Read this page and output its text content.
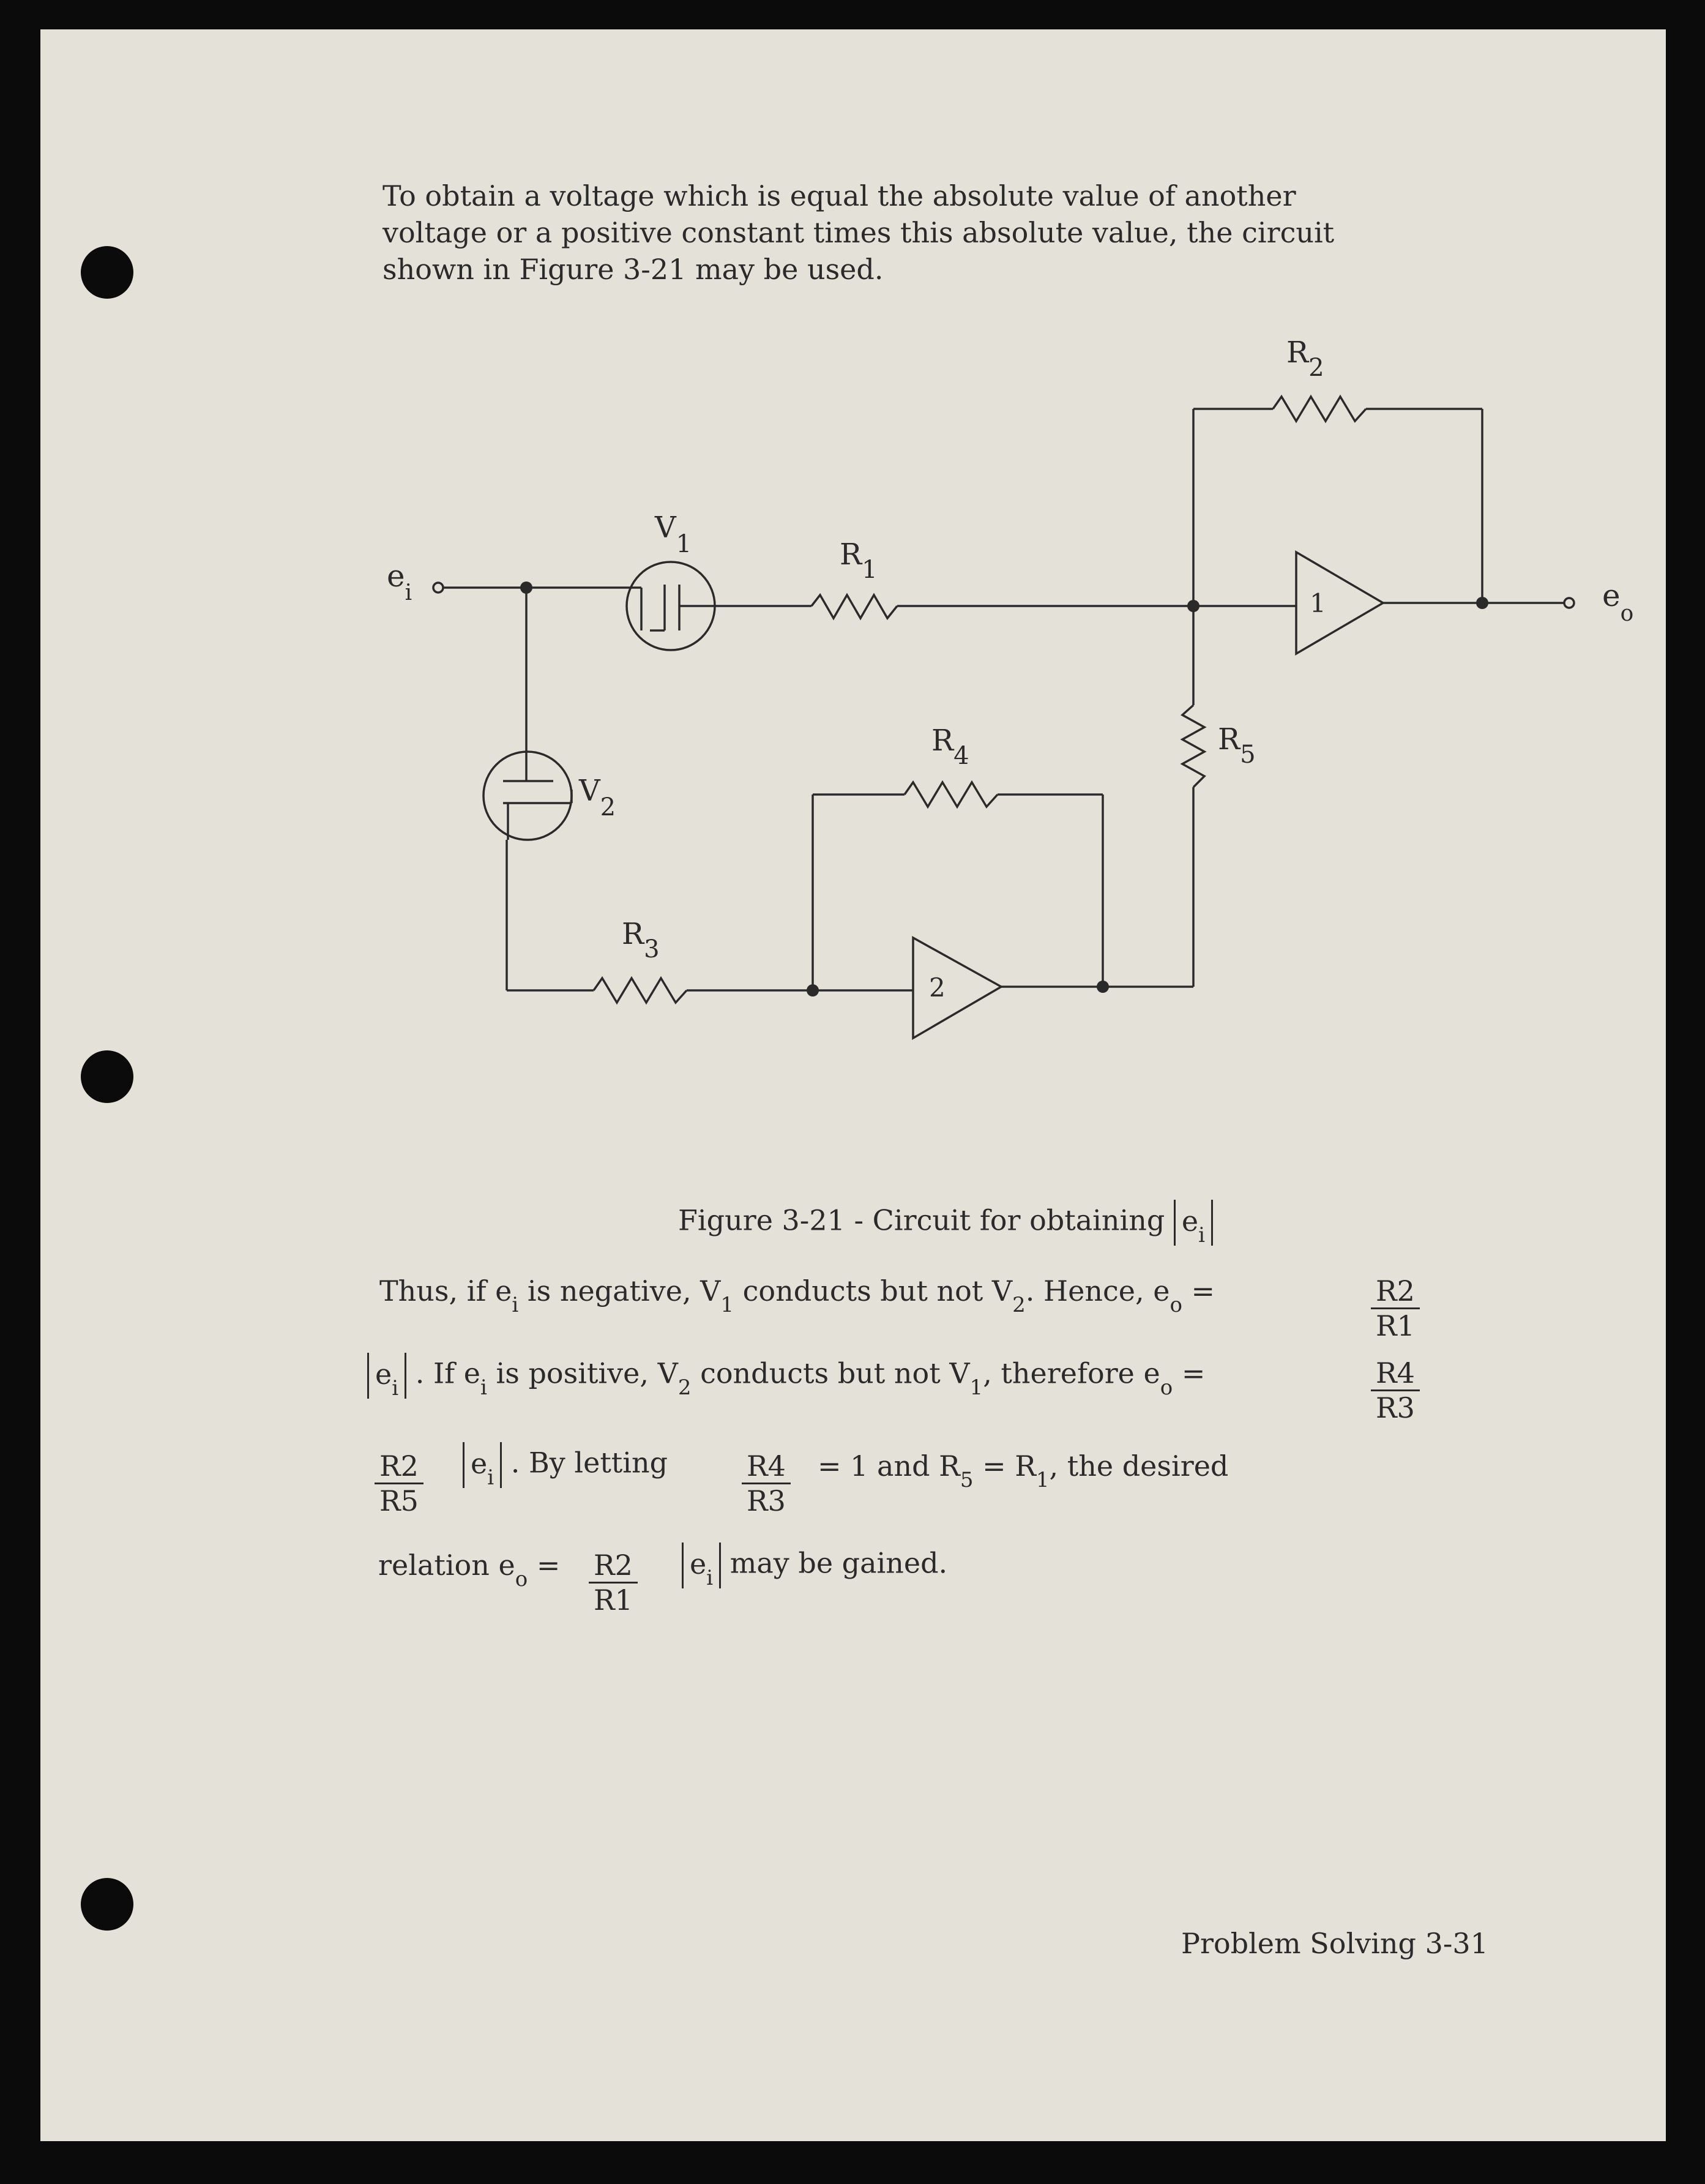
To obtain a voltage which is equal the absolute value of another
voltage or a positive constant times this absolute value, the circuit
shown in Figure 3-21 may be used.
$e_i$	$e_o$
$V_1$
$V_2$
$R_1$
$R_2$
$R_3$
$R_4$	$R_5$
1
2
Figure 3-21 - Circuit for obtaining $e_i$
Thus, if $e_i$ is negative, $V_1$ conducts but not $V_2$. Hence, $e_o$ =	$\frac{R2}{R1}$
$e_i$ . If $e_i$ is positive, $V_2$ conducts but not $V_1$, therefore $e_o$ =	$\frac{R4}{R3}$
$\frac{R2}{R5} e_i$ . By letting	$\frac{R4}{R3} = 1$ and $R_5 = R_1$, the desired
relation $e_o = \frac{R2}{R1} e_i$ may be gained.
Problem Solving 3-31
